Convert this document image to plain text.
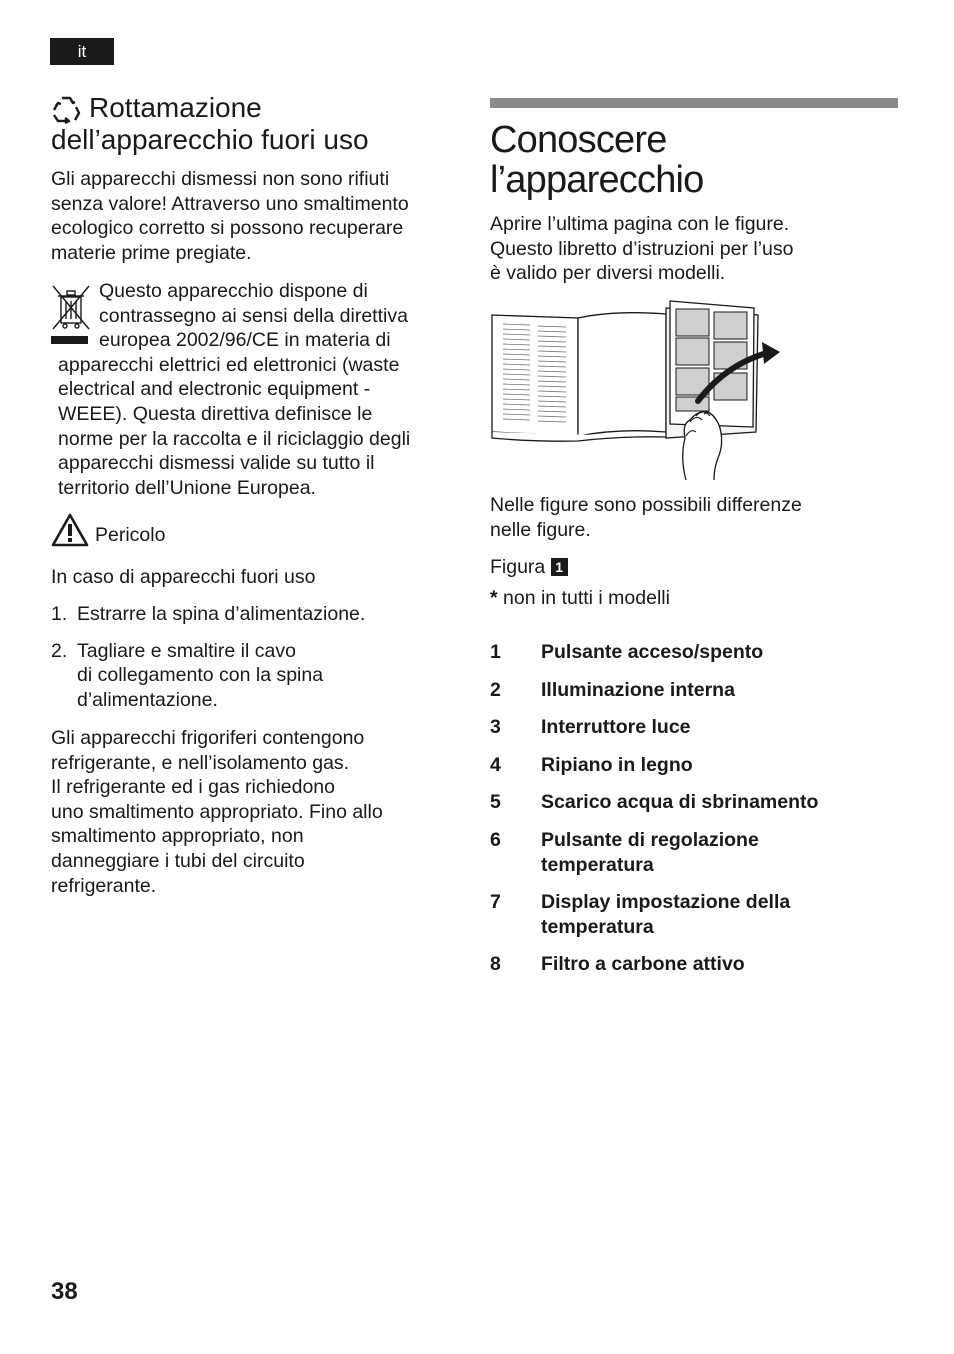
it
Rottamazione
dell’apparecchio fuori uso

Gli apparecchi dismessi non sono rifiuti

senza valore! Attraverso uno smaltimento

ecologico corretto si possono recuperare

materie prime pregiate.

Questo apparecchio dispone di

contrassegno ai sensi della direttiva

europea 2002/96/CE in materia di

apparecchi elettrici ed elettronici (waste

electrical and electronic equipment -

WEEE). Questa direttiva definisce le

norme per la raccolta e il riciclaggio degli

apparecchi dismessi valide su tutto il

territorio dell’Unione Europea.

Pericolo
In caso di apparecchi fuori uso
1. Estrarre la spina d’alimentazione.
2. Tagliare e smaltire il cavo
di collegamento con la spina
d’alimentazione.

Gli apparecchi frigoriferi contengono

refrigerante, e nell’isolamento gas.

Il refrigerante ed i gas richiedono

uno smaltimento appropriato. Fino allo

smaltimento appropriato, non

danneggiare i tubi del circuito

refrigerante.

Conoscere
l’apparecchio

Aprire l’ultima pagina con le figure.

Questo libretto d’istruzioni per l’uso

è valido per diversi modelli.

Nelle figure sono possibili differenze

nelle figure.

Figura 1
* non in tutti i modelli
1	Pulsante acceso/spento
2	Illuminazione interna
3	Interruttore luce
4	Ripiano in legno
5	Scarico acqua di sbrinamento
6	Pulsante di regolazione
temperatura
7	Display impostazione della
temperatura
8	Filtro a carbone attivo
38
